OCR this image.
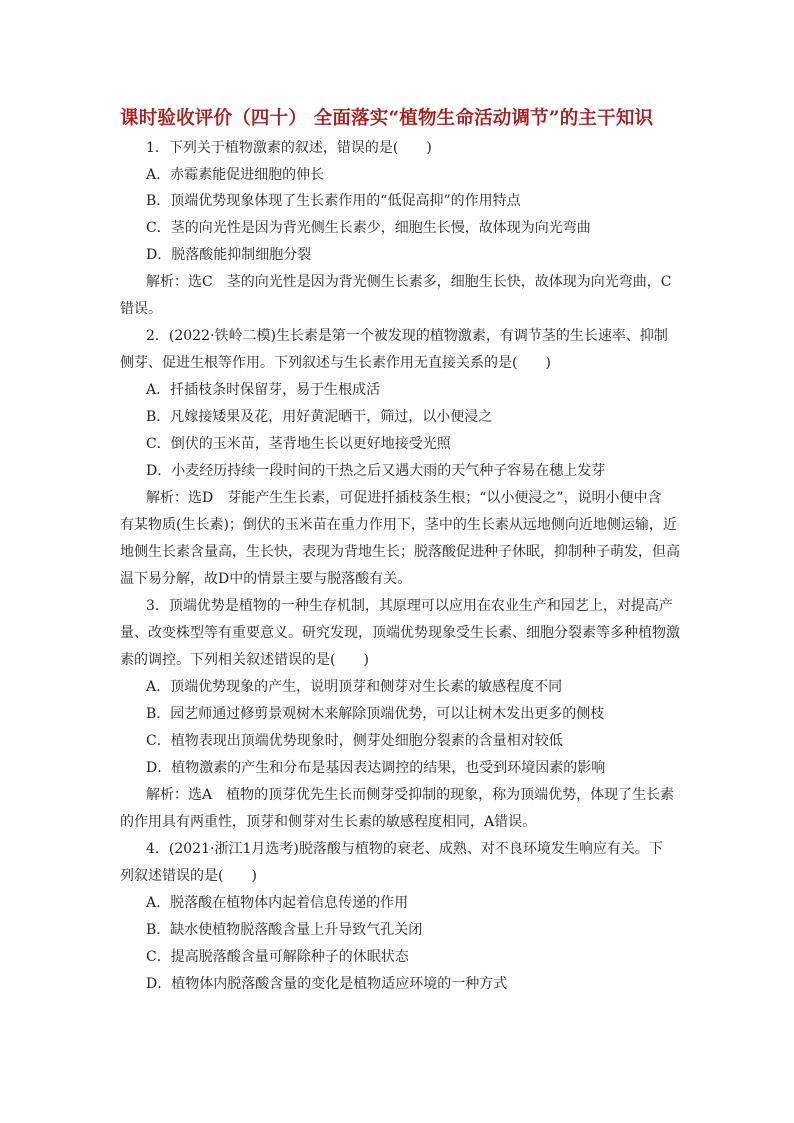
课时验收评价（四十） 全面落实“植物生命活动调节”的主干知识
1．下列关于植物激素的叙述，错误的是(　　)
A．赤霉素能促进细胞的伸长
B．顶端优势现象体现了生长素作用的“低促高抑”的作用特点
C．茎的向光性是因为背光侧生长素少，细胞生长慢，故体现为向光弯曲
D．脱落酸能抑制细胞分裂
解析：选C　茎的向光性是因为背光侧生长素多，细胞生长快，故体现为向光弯曲，C
错误。
2．(2022·铁岭二模)生长素是第一个被发现的植物激素，有调节茎的生长速率、抑制
侧芽、促进生根等作用。下列叙述与生长素作用无直接关系的是(　　)
A．扦插枝条时保留芽，易于生根成活
B．凡嫁接矮果及花，用好黄泥晒干，筛过，以小便浸之
C．倒伏的玉米苗，茎背地生长以更好地接受光照
D．小麦经历持续一段时间的干热之后又遇大雨的天气种子容易在穗上发芽
解析：选D　芽能产生生长素，可促进扦插枝条生根；“以小便浸之”，说明小便中含
有某物质(生长素)；倒伏的玉米苗在重力作用下，茎中的生长素从远地侧向近地侧运输，近
地侧生长素含量高，生长快，表现为背地生长；脱落酸促进种子休眠，抑制种子萌发，但高
温下易分解，故D中的情景主要与脱落酸有关。
3．顶端优势是植物的一种生存机制，其原理可以应用在农业生产和园艺上，对提高产
量、改变株型等有重要意义。研究发现，顶端优势现象受生长素、细胞分裂素等多种植物激
素的调控。下列相关叙述错误的是(　　)
A．顶端优势现象的产生，说明顶芽和侧芽对生长素的敏感程度不同
B．园艺师通过修剪景观树木来解除顶端优势，可以让树木发出更多的侧枝
C．植物表现出顶端优势现象时，侧芽处细胞分裂素的含量相对较低
D．植物激素的产生和分布是基因表达调控的结果，也受到环境因素的影响
解析：选A　植物的顶芽优先生长而侧芽受抑制的现象，称为顶端优势，体现了生长素
的作用具有两重性，顶芽和侧芽对生长素的敏感程度相同，A错误。
4．(2021·浙江1月选考)脱落酸与植物的衰老、成熟、对不良环境发生响应有关。下
列叙述错误的是(　　)
A．脱落酸在植物体内起着信息传递的作用
B．缺水使植物脱落酸含量上升导致气孔关闭
C．提高脱落酸含量可解除种子的休眠状态
D．植物体内脱落酸含量的变化是植物适应环境的一种方式
